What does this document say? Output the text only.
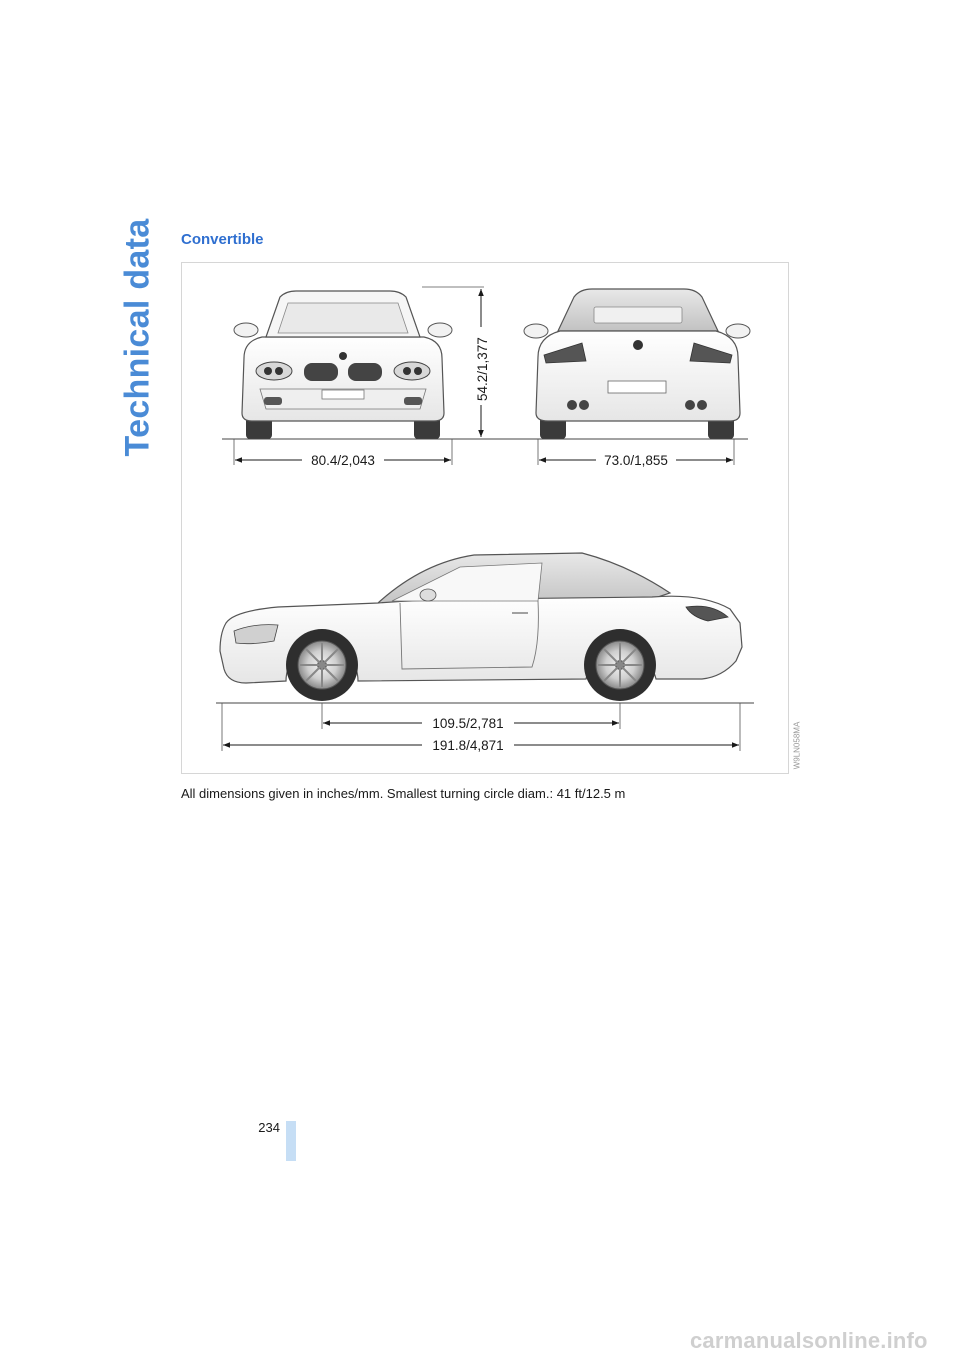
Technical data Convertible
54.2/1,377
80.4/2,043	73.0/1,855
109.5/2,781
191.8/4,871	W9LN058MA
All dimensions given in inches/mm. Smallest turning circle diam.: 41 ft/12.5 m
234
carmanualsonline.info
